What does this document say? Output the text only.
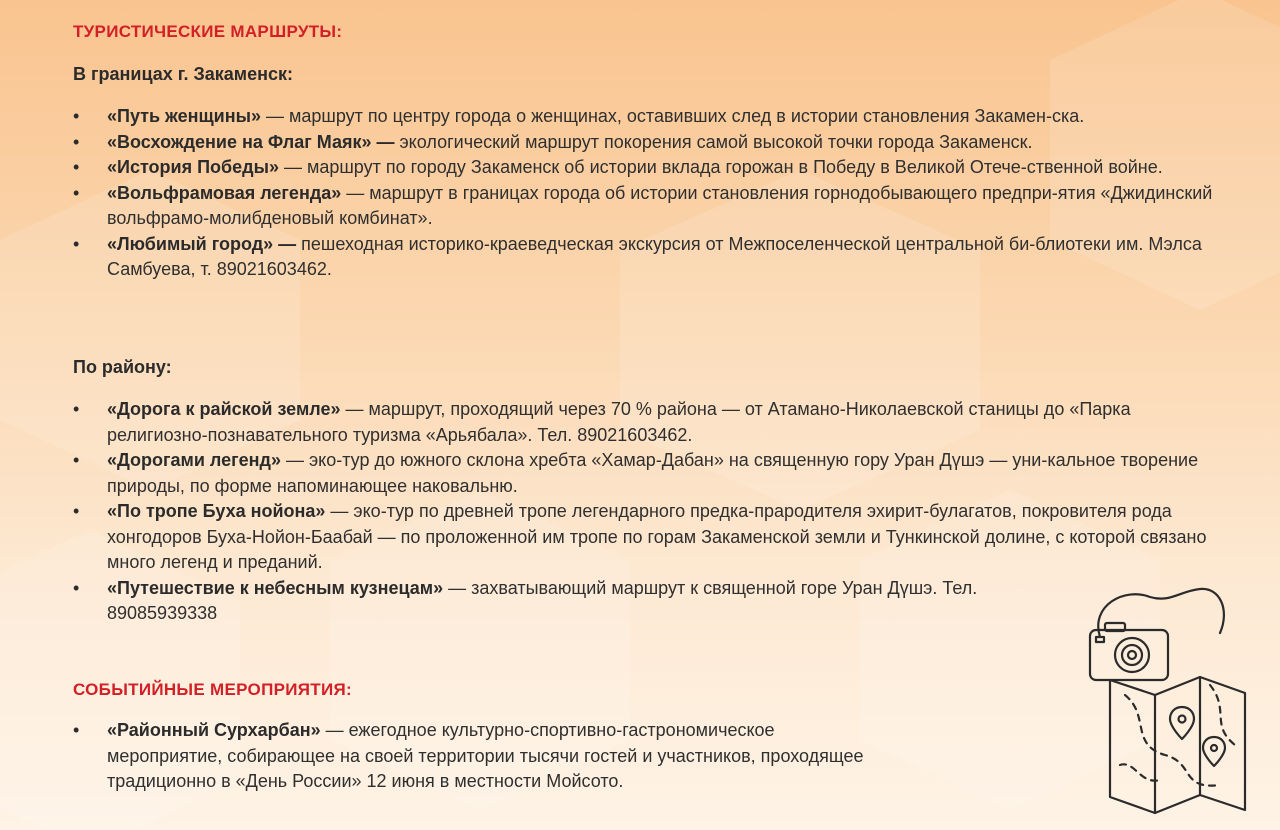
ТУРИСТИЧЕСКИЕ МАРШРУТЫ:
В границах г. Закаменск:
• «Путь женщины» — маршрут по центру города о женщинах, оставивших след в истории становления Закамен-ска.
• «Восхождение на Флаг Маяк» — экологический маршрут покорения самой высокой точки города Закаменск.
• «История Победы» — маршрут по городу Закаменск об истории вклада горожан в Победу в Великой Отече-ственной войне.
• «Вольфрамовая легенда» — маршрут в границах города об истории становления горнодобывающего предпри-ятия «Джидинский вольфрамо-молибденовый комбинат».
• «Любимый город» — пешеходная историко-краеведческая экскурсия от Межпоселенческой центральной би-блиотеки им. Мэлса Самбуева, т. 89021603462.
По району:
• «Дорога к райской земле» — маршрут, проходящий через 70 % района — от Атамано-Николаевской станицы до «Парка религиозно-познавательного туризма «Арьябала». Тел. 89021603462.
• «Дорогами легенд» — эко-тур до южного склона хребта «Хамар-Дабан» на священную гору Уран Дүшэ — уни-кальное творение природы, по форме напоминающее наковальню.
• «По тропе Буха нойона» — эко-тур по древней тропе легендарного предка-прародителя эхирит-булагатов, покровителя рода хонгодоров Буха-Нойон-Баабай — по проложенной им тропе по горам Закаменской земли и Тункинской долине, с которой связано много легенд и преданий.
• «Путешествие к небесным кузнецам» — захватывающий маршрут к священной горе Уран Дүшэ. Тел. 89085939338
СОБЫТИЙНЫЕ МЕРОПРИЯТИЯ:
• «Районный Сурхарбан» — ежегодное культурно-спортивно-гастрономическое мероприятие, собирающее на своей территории тысячи гостей и участников, проходящее традиционно в «День России» 12 июня в местности Мойсото.
